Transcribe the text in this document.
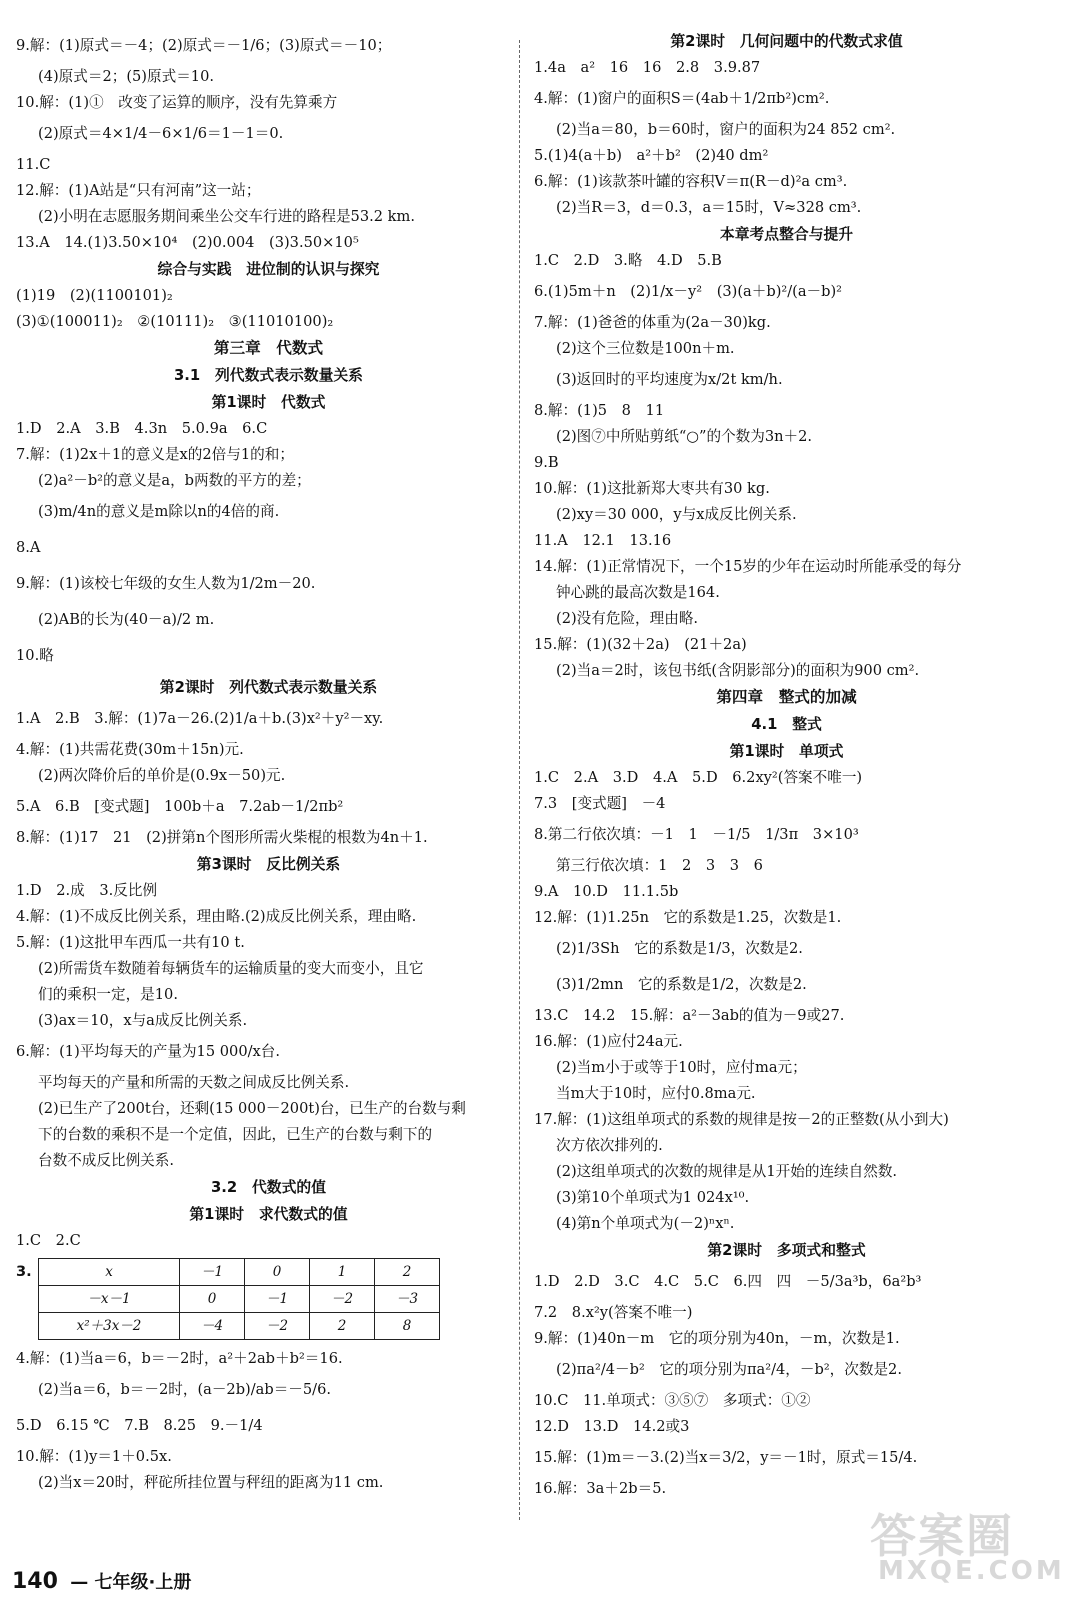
9.解：(1)原式＝－4；(2)原式＝－1/6；(3)原式＝－10；
(4)原式＝2；(5)原式＝10.
10.解：(1)①　改变了运算的顺序，没有先算乘方
(2)原式＝4×1/4－6×1/6＝1－1＝0.
11.C
12.解：(1)A站是“只有河南”这一站；
(2)小明在志愿服务期间乘坐公交车行进的路程是53.2 km.
13.A　14.(1)3.50×10⁴　(2)0.004　(3)3.50×10⁵
综合与实践　进位制的认识与探究
(1)19　(2)(1100101)₂
(3)①(100011)₂　②(10111)₂　③(11010100)₂
第三章　代数式
3.1　列代数式表示数量关系
第1课时　代数式
1.D　2.A　3.B　4.3n　5.0.9a　6.C
7.解：(1)2x＋1的意义是x的2倍与1的和；
(2)a²－b²的意义是a，b两数的平方的差；
(3)m/4n的意义是m除以n的4倍的商.
8.A
9.解：(1)该校七年级的女生人数为1/2m－20.
(2)AB的长为(40－a)/2 m.
10.略
第2课时　列代数式表示数量关系
1.A　2.B　3.解：(1)7a－26.(2)1/a＋b.(3)x²＋y²－xy.
4.解：(1)共需花费(30m＋15n)元.
(2)两次降价后的单价是(0.9x－50)元.
5.A　6.B　[变式题]　100b＋a　7.2ab－1/2πb²
8.解：(1)17　21　(2)拼第n个图形所需火柴棍的根数为4n＋1.
第3课时　反比例关系
1.D　2.成　3.反比例
4.解：(1)不成反比例关系，理由略.(2)成反比例关系，理由略.
5.解：(1)这批甲车西瓜一共有10 t.
(2)所需货车数随着每辆货车的运输质量的变大而变小，且它
们的乘积一定，是10.
(3)ax＝10，x与a成反比例关系.
6.解：(1)平均每天的产量为15 000/x台.
平均每天的产量和所需的天数之间成反比例关系.
(2)已生产了200t台，还剩(15 000－200t)台，已生产的台数与剩
下的台数的乘积不是一个定值，因此，已生产的台数与剩下的
台数不成反比例关系.
3.2　代数式的值
第1课时　求代数式的值
1.C　2.C
3.	x	－1	0	1	2
－x－1	0	－1	－2	－3
x²＋3x－2	－4	－2	2	8
4.解：(1)当a＝6，b＝－2时，a²＋2ab＋b²＝16.
(2)当a＝6，b＝－2时，(a－2b)/ab＝－5/6.
5.D　6.15 ℃　7.B　8.25　9.－1/4
10.解：(1)y＝1＋0.5x.
(2)当x＝20时，秤砣所挂位置与秤纽的距离为11 cm.
第2课时　几何问题中的代数式求值
1.4a　a²　16　16　2.8　3.9.87
4.解：(1)窗户的面积S＝(4ab＋1/2πb²)cm².
(2)当a＝80，b＝60时，窗户的面积为24 852 cm².
5.(1)4(a＋b)　a²＋b²　(2)40 dm²
6.解：(1)该款茶叶罐的容积V＝π(R－d)²a cm³.
(2)当R＝3，d＝0.3，a＝15时，V≈328 cm³.
本章考点整合与提升
1.C　2.D　3.略　4.D　5.B
6.(1)5m＋n　(2)1/x－y²　(3)(a＋b)²/(a－b)²
7.解：(1)爸爸的体重为(2a－30)kg.
(2)这个三位数是100n＋m.
(3)返回时的平均速度为x/2t km/h.
8.解：(1)5　8　11
(2)图⑦中所贴剪纸“○”的个数为3n＋2.
9.B
10.解：(1)这批新郑大枣共有30 kg.
(2)xy＝30 000，y与x成反比例关系.
11.A　12.1　13.16
14.解：(1)正常情况下，一个15岁的少年在运动时所能承受的每分
钟心跳的最高次数是164.
(2)没有危险，理由略.
15.解：(1)(32＋2a)　(21＋2a)
(2)当a＝2时，该包书纸(含阴影部分)的面积为900 cm².
第四章　整式的加减
4.1　整式
第1课时　单项式
1.C　2.A　3.D　4.A　5.D　6.2xy²(答案不唯一)
7.3　[变式题]　－4
8.第二行依次填：－1　1　－1/5　1/3π　3×10³
第三行依次填：1　2　3　3　6
9.A　10.D　11.1.5b
12.解：(1)1.25n　它的系数是1.25，次数是1.
(2)1/3Sh　它的系数是1/3，次数是2.
(3)1/2mn　它的系数是1/2，次数是2.
13.C　14.2　15.解：a²－3ab的值为－9或27.
16.解：(1)应付24a元.
(2)当m小于或等于10时，应付ma元；
当m大于10时，应付0.8ma元.
17.解：(1)这组单项式的系数的规律是按－2的正整数(从小到大)
次方依次排列的.
(2)这组单项式的次数的规律是从1开始的连续自然数.
(3)第10个单项式为1 024x¹⁰.
(4)第n个单项式为(－2)ⁿxⁿ.
第2课时　多项式和整式
1.D　2.D　3.C　4.C　5.C　6.四　四　－5/3a³b，6a²b³
7.2　8.x²y(答案不唯一)
9.解：(1)40n－m　它的项分别为40n，－m，次数是1.
(2)πa²/4－b²　它的项分别为πa²/4，－b²，次数是2.
10.C　11.单项式：③⑤⑦　多项式：①②
12.D　13.D　14.2或3
15.解：(1)m＝－3.(2)当x＝3/2，y＝－1时，原式＝15/4.
16.解：3a＋2b＝5.
140 — 七年级·上册
答案圈
MXQE.COM
